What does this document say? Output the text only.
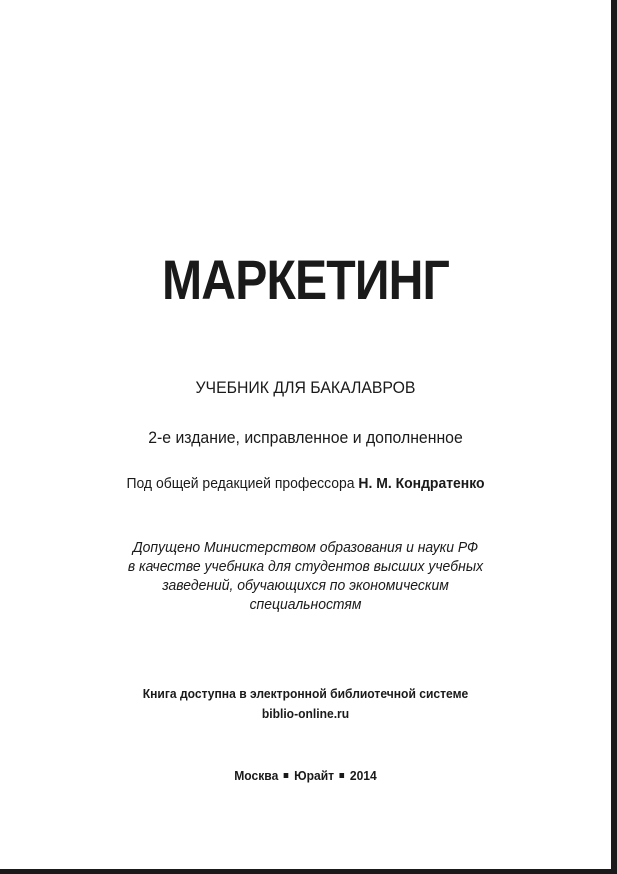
МАРКЕТИНГ

УЧЕБНИК ДЛЯ БАКАЛАВРОВ

2-е издание, исправленное и дополненное

Под общей редакцией профессора Н. М. Кондратенко

Допущено Министерством образования и науки РФ
в качестве учебника для студентов высших учебных
заведений, обучающихся по экономическим
специальностям
Книга доступна в электронной библиотечной системе
biblio-online.ru

Москва Юрайт 2014
